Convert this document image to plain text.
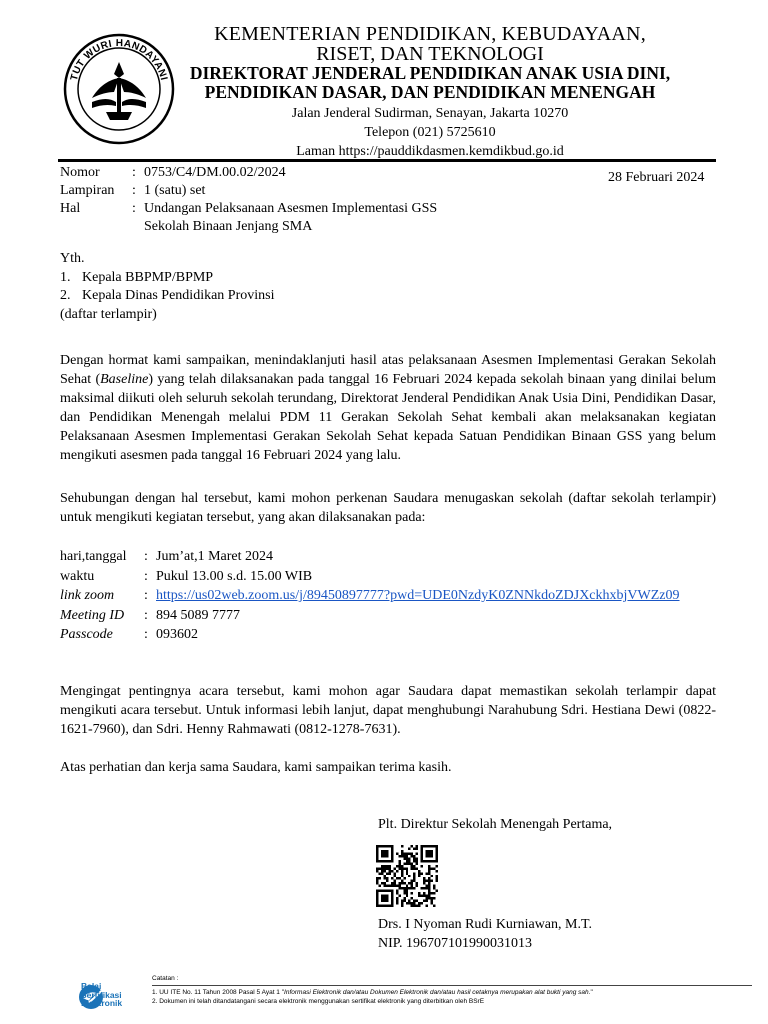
TUT WURI HANDAYANI
KEMENTERIAN PENDIDIKAN, KEBUDAYAAN,
RISET, DAN TEKNOLOGI
DIREKTORAT JENDERAL PENDIDIKAN ANAK USIA DINI,
PENDIDIKAN DASAR, DAN PENDIDIKAN MENENGAH
Jalan Jenderal Sudirman, Senayan, Jakarta 10270
Telepon (021) 5725610
Laman https://pauddikdasmen.kemdikbud.go.id
Nomor	:	0753/C4/DM.00.02/2024
Lampiran	:	1 (satu) set
Hal	:	Undangan Pelaksanaan Asesmen Implementasi GSS
Sekolah Binaan Jenjang SMA
28 Februari 2024
Yth.
1. Kepala BBPMP/BPMP
2. Kepala Dinas Pendidikan Provinsi
(daftar terlampir)
Dengan hormat kami sampaikan, menindaklanjuti hasil atas pelaksanaan Asesmen Implementasi Gerakan Sekolah Sehat (Baseline) yang telah dilaksanakan pada tanggal 16 Februari 2024 kepada sekolah binaan yang dinilai belum maksimal diikuti oleh seluruh sekolah terundang, Direktorat Jenderal Pendidikan Anak Usia Dini, Pendidikan Dasar, dan Pendidikan Menengah melalui PDM 11 Gerakan Sekolah Sehat kembali akan melaksanakan kegiatan Pelaksanaan Asesmen Implementasi Gerakan Sekolah Sehat kepada Satuan Pendidikan Binaan GSS yang belum mengikuti asesmen pada tanggal 16 Februari 2024 yang lalu.
Sehubungan dengan hal tersebut, kami mohon perkenan Saudara menugaskan sekolah (daftar sekolah terlampir) untuk mengikuti kegiatan tersebut, yang akan dilaksanakan pada:
hari,tanggal	:	Jum’at,1 Maret 2024
waktu	:	Pukul 13.00 s.d. 15.00 WIB
link zoom	:	https://us02web.zoom.us/j/89450897777?pwd=UDE0NzdyK0ZNNkdoZDJXckhxbjVWZz09
Meeting ID	:	894 5089 7777
Passcode	:	093602
Mengingat pentingnya acara tersebut, kami mohon agar Saudara dapat memastikan sekolah terlampir dapat mengikuti acara tersebut. Untuk informasi lebih lanjut, dapat menghubungi Narahubung Sdri. Hestiana Dewi (0822-1621-7960), dan Sdri. Henny Rahmawati (0812-1278-7631).
Atas perhatian dan kerja sama Saudara, kami sampaikan terima kasih.
Plt. Direktur Sekolah Menengah Pertama,
Drs. I Nyoman Rudi Kurniawan, M.T.
NIP. 196707101990031013
Balai
Sertifikasi
Elektronik
Catatan :
1. UU ITE No. 11 Tahun 2008 Pasal 5 Ayat 1 "Informasi Elektronik dan/atau Dokumen Elektronik dan/atau hasil cetaknya merupakan alat bukti yang sah."
2. Dokumen ini telah ditandatangani secara elektronik menggunakan sertifikat elektronik yang diterbitkan oleh BSrE
